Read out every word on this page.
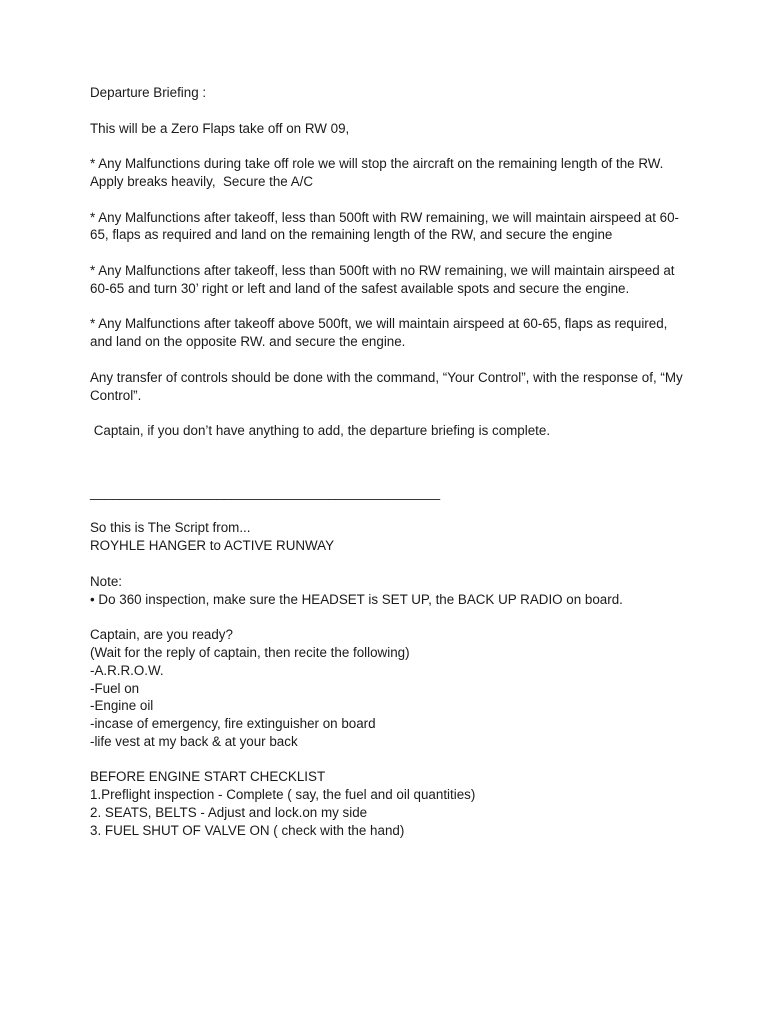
Departure Briefing :

This will be a Zero Flaps take off on RW 09,

* Any Malfunctions during take off role we will stop the aircraft on the remaining length of the RW.  Apply breaks heavily,  Secure the A/C

* Any Malfunctions after takeoff, less than 500ft with RW remaining, we will maintain airspeed at 60-65, flaps as required and land on the remaining length of the RW, and secure the engine

* Any Malfunctions after takeoff, less than 500ft with no RW remaining, we will maintain airspeed at 60-65 and turn 30’ right or left and land of the safest available spots and secure the engine.

* Any Malfunctions after takeoff above 500ft, we will maintain airspeed at 60-65, flaps as required, and land on the opposite RW. and secure the engine.

Any transfer of controls should be done with the command, “Your Control”, with the response of, “My Control”.

Captain, if you don’t have anything to add, the departure briefing is complete.

_______________________________________________

So this is The Script from...

ROYHLE HANGER to ACTIVE RUNWAY

Note:

• Do 360 inspection, make sure the HEADSET is SET UP, the BACK UP RADIO on board.

Captain, are you ready?

(Wait for the reply of captain, then recite the following)

-A.R.R.O.W.

-Fuel on

-Engine oil

-incase of emergency, fire extinguisher on board

-life vest at my back & at your back

BEFORE ENGINE START CHECKLIST

1.Preflight inspection - Complete ( say, the fuel and oil quantities)

2. SEATS, BELTS - Adjust and lock.on my side

3. FUEL SHUT OF VALVE ON ( check with the hand)
